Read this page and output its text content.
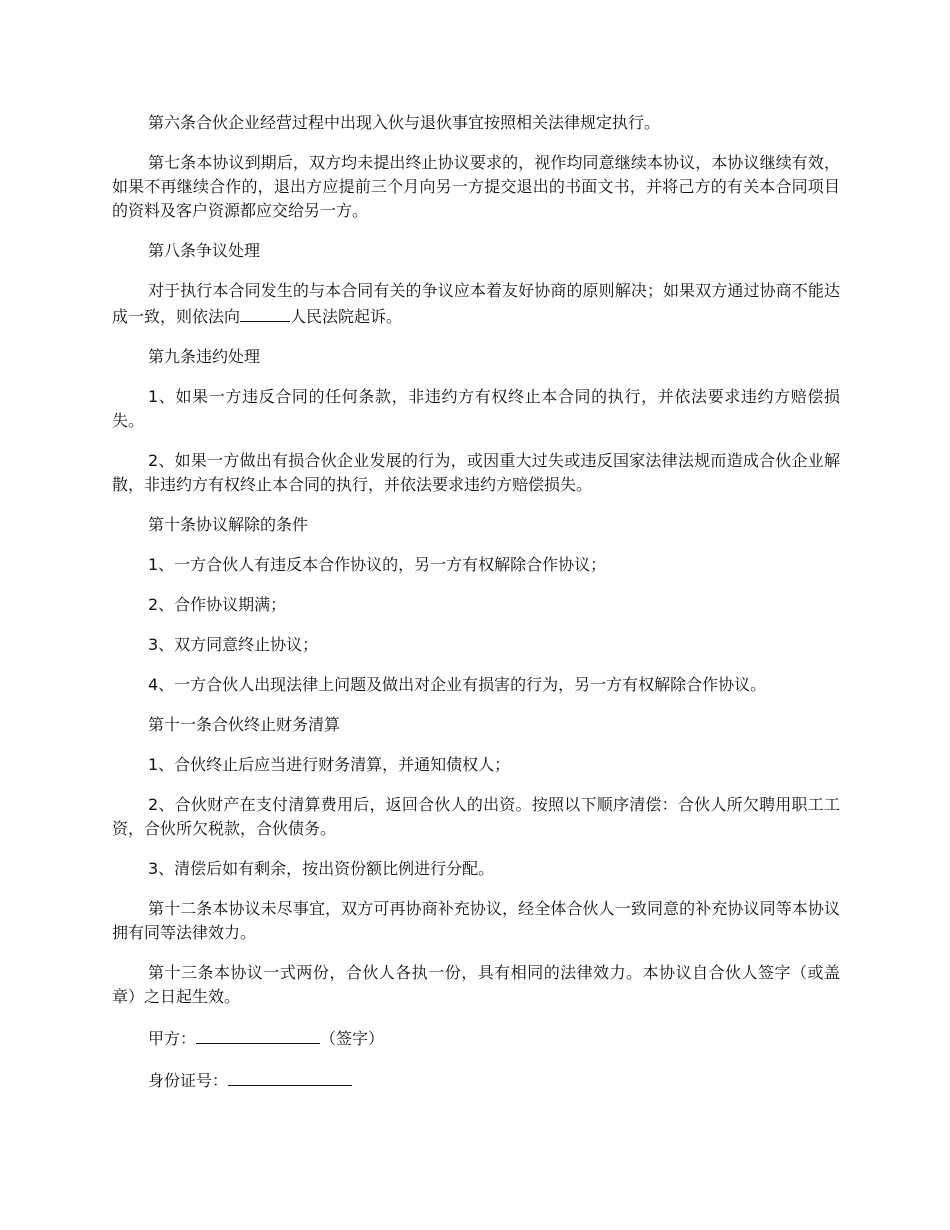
第六条合伙企业经营过程中出现入伙与退伙事宜按照相关法律规定执行。

第七条本协议到期后，双方均未提出终止协议要求的，视作均同意继续本协议，本协议继续有效，如果不再继续合作的，退出方应提前三个月向另一方提交退出的书面文书，并将己方的有关本合同项目的资料及客户资源都应交给另一方。

第八条争议处理

对于执行本合同发生的与本合同有关的争议应本着友好协商的原则解决；如果双方通过协商不能达成一致，则依法向	人民法院起诉。

第九条违约处理

1、如果一方违反合同的任何条款，非违约方有权终止本合同的执行，并依法要求违约方赔偿损失。

2、如果一方做出有损合伙企业发展的行为，或因重大过失或违反国家法律法规而造成合伙企业解散，非违约方有权终止本合同的执行，并依法要求违约方赔偿损失。

第十条协议解除的条件

1、一方合伙人有违反本合作协议的，另一方有权解除合作协议；

2、合作协议期满；

3、双方同意终止协议；

4、一方合伙人出现法律上问题及做出对企业有损害的行为，另一方有权解除合作协议。

第十一条合伙终止财务清算

1、合伙终止后应当进行财务清算，并通知债权人；

2、合伙财产在支付清算费用后，返回合伙人的出资。按照以下顺序清偿：合伙人所欠聘用职工工资，合伙所欠税款，合伙债务。

3、清偿后如有剩余，按出资份额比例进行分配。

第十二条本协议未尽事宜，双方可再协商补充协议，经全体合伙人一致同意的补充协议同等本协议拥有同等法律效力。

第十三条本协议一式两份，合伙人各执一份，具有相同的法律效力。本协议自合伙人签字（或盖章）之日起生效。

甲方：	（签字）

身份证号：
